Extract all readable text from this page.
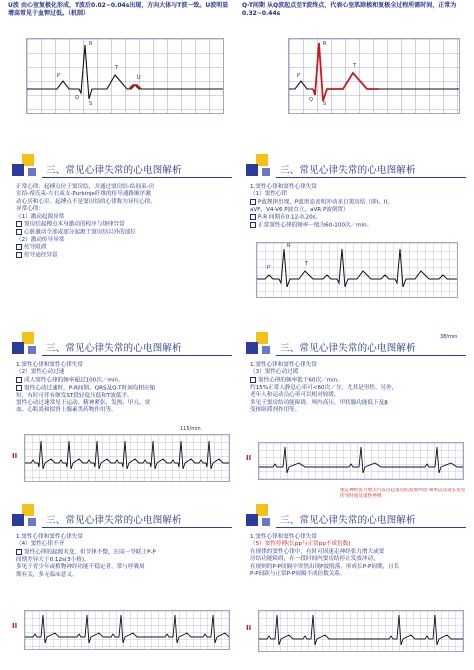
U波 由心室复极化形成，T波后0.02~0.04s出现，方向大体与T波一致。U波明显增高常见于血钾过低。（机制）
P
R
T
U
Q
S
Q-T间期 从Q波起点至T波终点，代表心室肌除极和复极全过程所需时间，正常为0.32~0.44s
R
T
P
Q
S
三、常见心律失常的心电图解析
正常心律：起搏点位于窦房结，并通过窦房结-结间束-房
室结-希氏束-左右束支-Purkinje纤维的传导通路顺序激
动心房和心室。起搏点不是窦房结的心律称为异位心律。
异常心律：
（1）激动起源异常
窦房结起搏点本身激动的程序与规律异常
心脏激动全部或部分起源于窦房结以外的部位
（2）激动传导异常
传导阻滞
传导途径异常
三、常见心律失常的心电图解析
1.窦性心律和窦性心律失常
（1）窦性心律
P波规律出现，P波形态表明冲动来自窦房结（即I、II、
aVF、V4-V6 P波直立，aVR P波倒置）
P-R 间期在0.12-0.20s。
正常窦性心律的频率一般为60-100次／min。
P
R
T
三、常见心律失常的心电图解析
1.窦性心律和窦性心律失常
（2）窦性心动过速
成人窦性心律的频率超过100次／min。
窦性心动过速时，P-R间期、QRS及Q-T时间均相应缩
短，有时可伴有继发ST段轻度压低和T波低平。
窦性心动过速常见于运动、精神紧张、发热、甲亢、贫
血、心肌炎和拟肾上腺素类药物作用等。
115/min
II
38/min
三、常见心律失常的心电图解析
1.窦性心律和窦性心律失常
（3）窦性心动过缓
窦性心律的频率低于60次／min。
约15%正常人静息心率可<60次／分，尤其是男性。另外，
老年人和运动员心率可以相对较缓。
多见于窦房结功能障碍，颅内高压、甲状腺功能低下及β
受体阻滞剂作用等。
II
三、常见心律失常的心电图解析
1.窦性心律和窦性心律失常
（4）窦性心律不齐
窦性心律的起源未变，但节律不整，在同一导联上P-P
间期差异大于0.12s(3小格)。
多见于青少年或植物神经功能不稳定者，常与呼吸周
期有关，多无临床意义。
II
迷走神经张力增大可以引起窦房结发放冲动 频率以及延长房室传导时间及窦性停搏
三、常见心律失常的心电图解析
1.窦性心律和窦性心律失常
（5）窦性停搏(长pp与正常pp不成倍数)
在规律的窦性心律中，有时可因迷走神经张力增大或窦
房结功能障碍，在一段时间内窦房结停止发放冲动。
在规则的P-P间隔中突然出现P波脱落，形成长P-P间期，且长
P-P间距与正常P-P间隔不成倍数关系。
II
